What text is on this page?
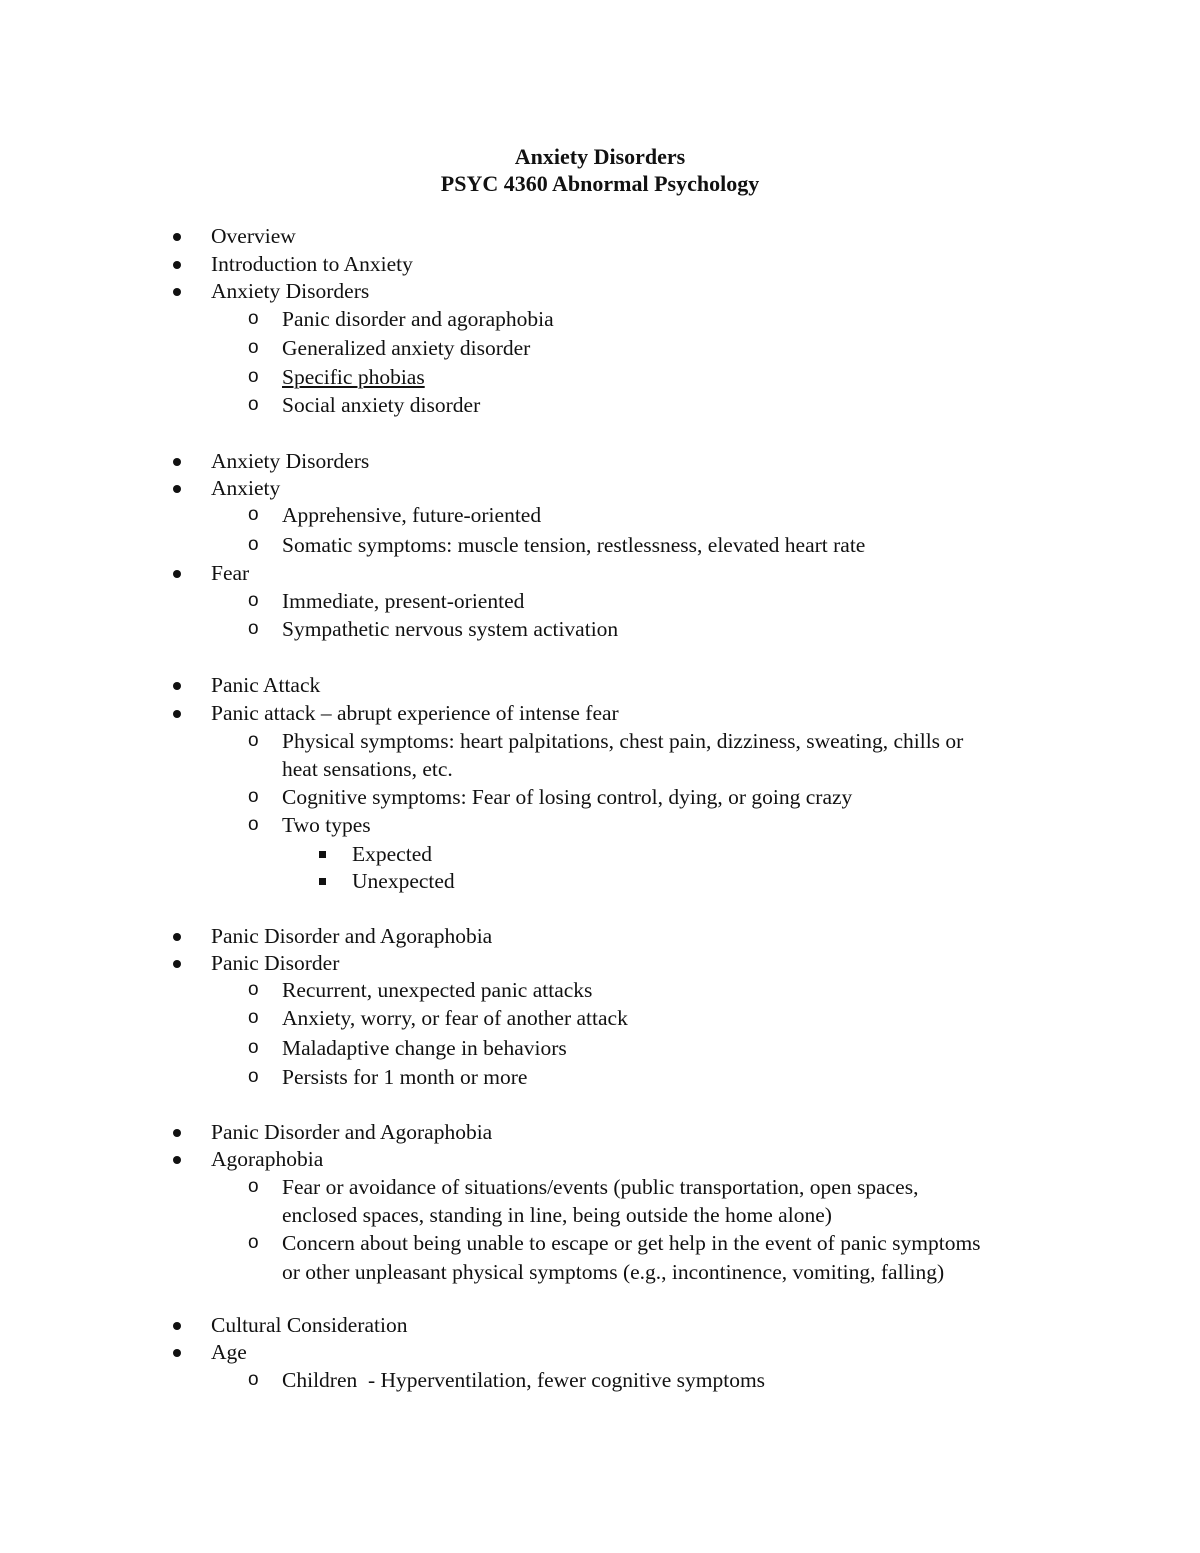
Anxiety Disorders
PSYC 4360 Abnormal Psychology
Overview
Introduction to Anxiety
Anxiety Disorders
o Panic disorder and agoraphobia
o Generalized anxiety disorder
o Specific phobias
o Social anxiety disorder
Anxiety Disorders
Anxiety
o Apprehensive, future-oriented
o Somatic symptoms: muscle tension, restlessness, elevated heart rate
Fear
o Immediate, present-oriented
o Sympathetic nervous system activation
Panic Attack
Panic attack – abrupt experience of intense fear
o Physical symptoms: heart palpitations, chest pain, dizziness, sweating, chills or
heat sensations, etc.
o Cognitive symptoms: Fear of losing control, dying, or going crazy
o Two types
Expected
Unexpected
Panic Disorder and Agoraphobia
Panic Disorder
o Recurrent, unexpected panic attacks
o Anxiety, worry, or fear of another attack
o Maladaptive change in behaviors
o Persists for 1 month or more
Panic Disorder and Agoraphobia
Agoraphobia
o Fear or avoidance of situations/events (public transportation, open spaces,
enclosed spaces, standing in line, being outside the home alone)
o Concern about being unable to escape or get help in the event of panic symptoms
or other unpleasant physical symptoms (e.g., incontinence, vomiting, falling)
Cultural Consideration
Age
o Children  - Hyperventilation, fewer cognitive symptoms
